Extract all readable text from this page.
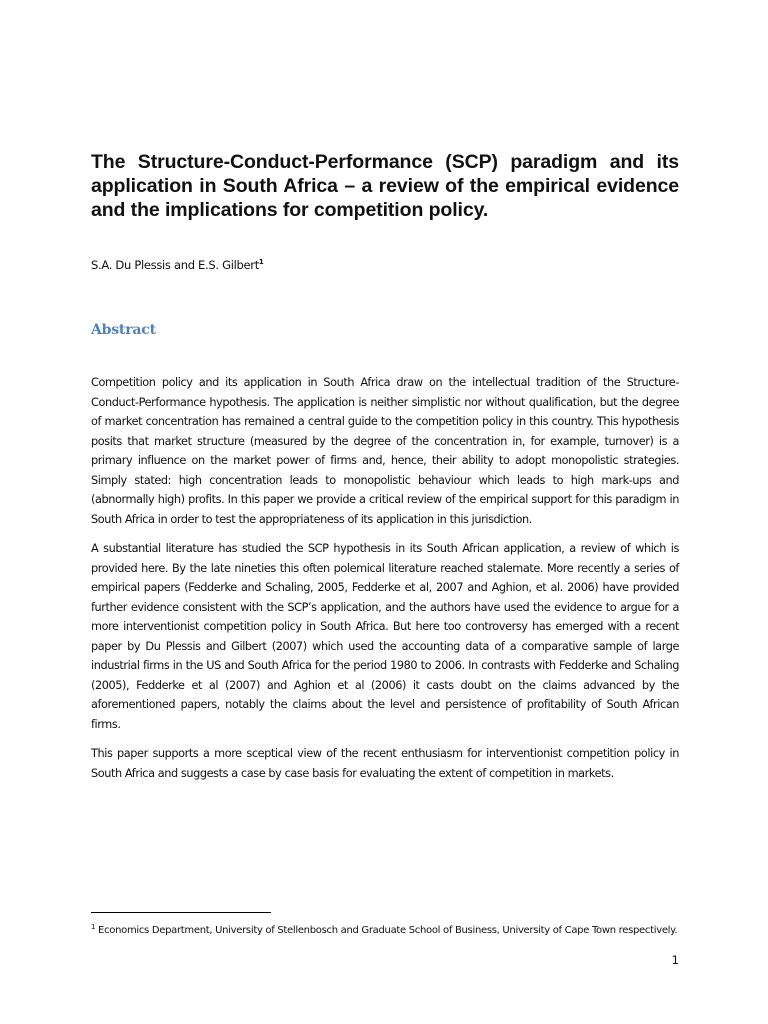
The Structure-Conduct-Performance (SCP) paradigm and its application in South Africa – a review of the empirical evidence and the implications for competition policy.
S.A. Du Plessis and E.S. Gilbert$^1$
Abstract

Competition policy and its application in South Africa draw on the intellectual tradition of the Structure-Conduct-Performance hypothesis. The application is neither simplistic nor without qualification, but the degree of market concentration has remained a central guide to the competition policy in this country. This hypothesis posits that market structure (measured by the degree of the concentration in, for example, turnover) is a primary influence on the market power of firms and, hence, their ability to adopt monopolistic strategies. Simply stated: high concentration leads to monopolistic behaviour which leads to high mark-ups and (abnormally high) profits. In this paper we provide a critical review of the empirical support for this paradigm in South Africa in order to test the appropriateness of its application in this jurisdiction.

A substantial literature has studied the SCP hypothesis in its South African application, a review of which is provided here. By the late nineties this often polemical literature reached stalemate. More recently a series of empirical papers (Fedderke and Schaling, 2005, Fedderke et al, 2007 and Aghion, et al. 2006) have provided further evidence consistent with the SCP’s application, and the authors have used the evidence to argue for a more interventionist competition policy in South Africa. But here too controversy has emerged with a recent paper by Du Plessis and Gilbert (2007) which used the accounting data of a comparative sample of large industrial firms in the US and South Africa for the period 1980 to 2006. In contrasts with Fedderke and Schaling (2005), Fedderke et al (2007) and Aghion et al (2006) it casts doubt on the claims advanced by the aforementioned papers, notably the claims about the level and persistence of profitability of South African firms.

This paper supports a more sceptical view of the recent enthusiasm for interventionist competition policy in South Africa and suggests a case by case basis for evaluating the extent of competition in markets.

$^1$ Economics Department, University of Stellenbosch and Graduate School of Business, University of Cape Town respectively.
1
